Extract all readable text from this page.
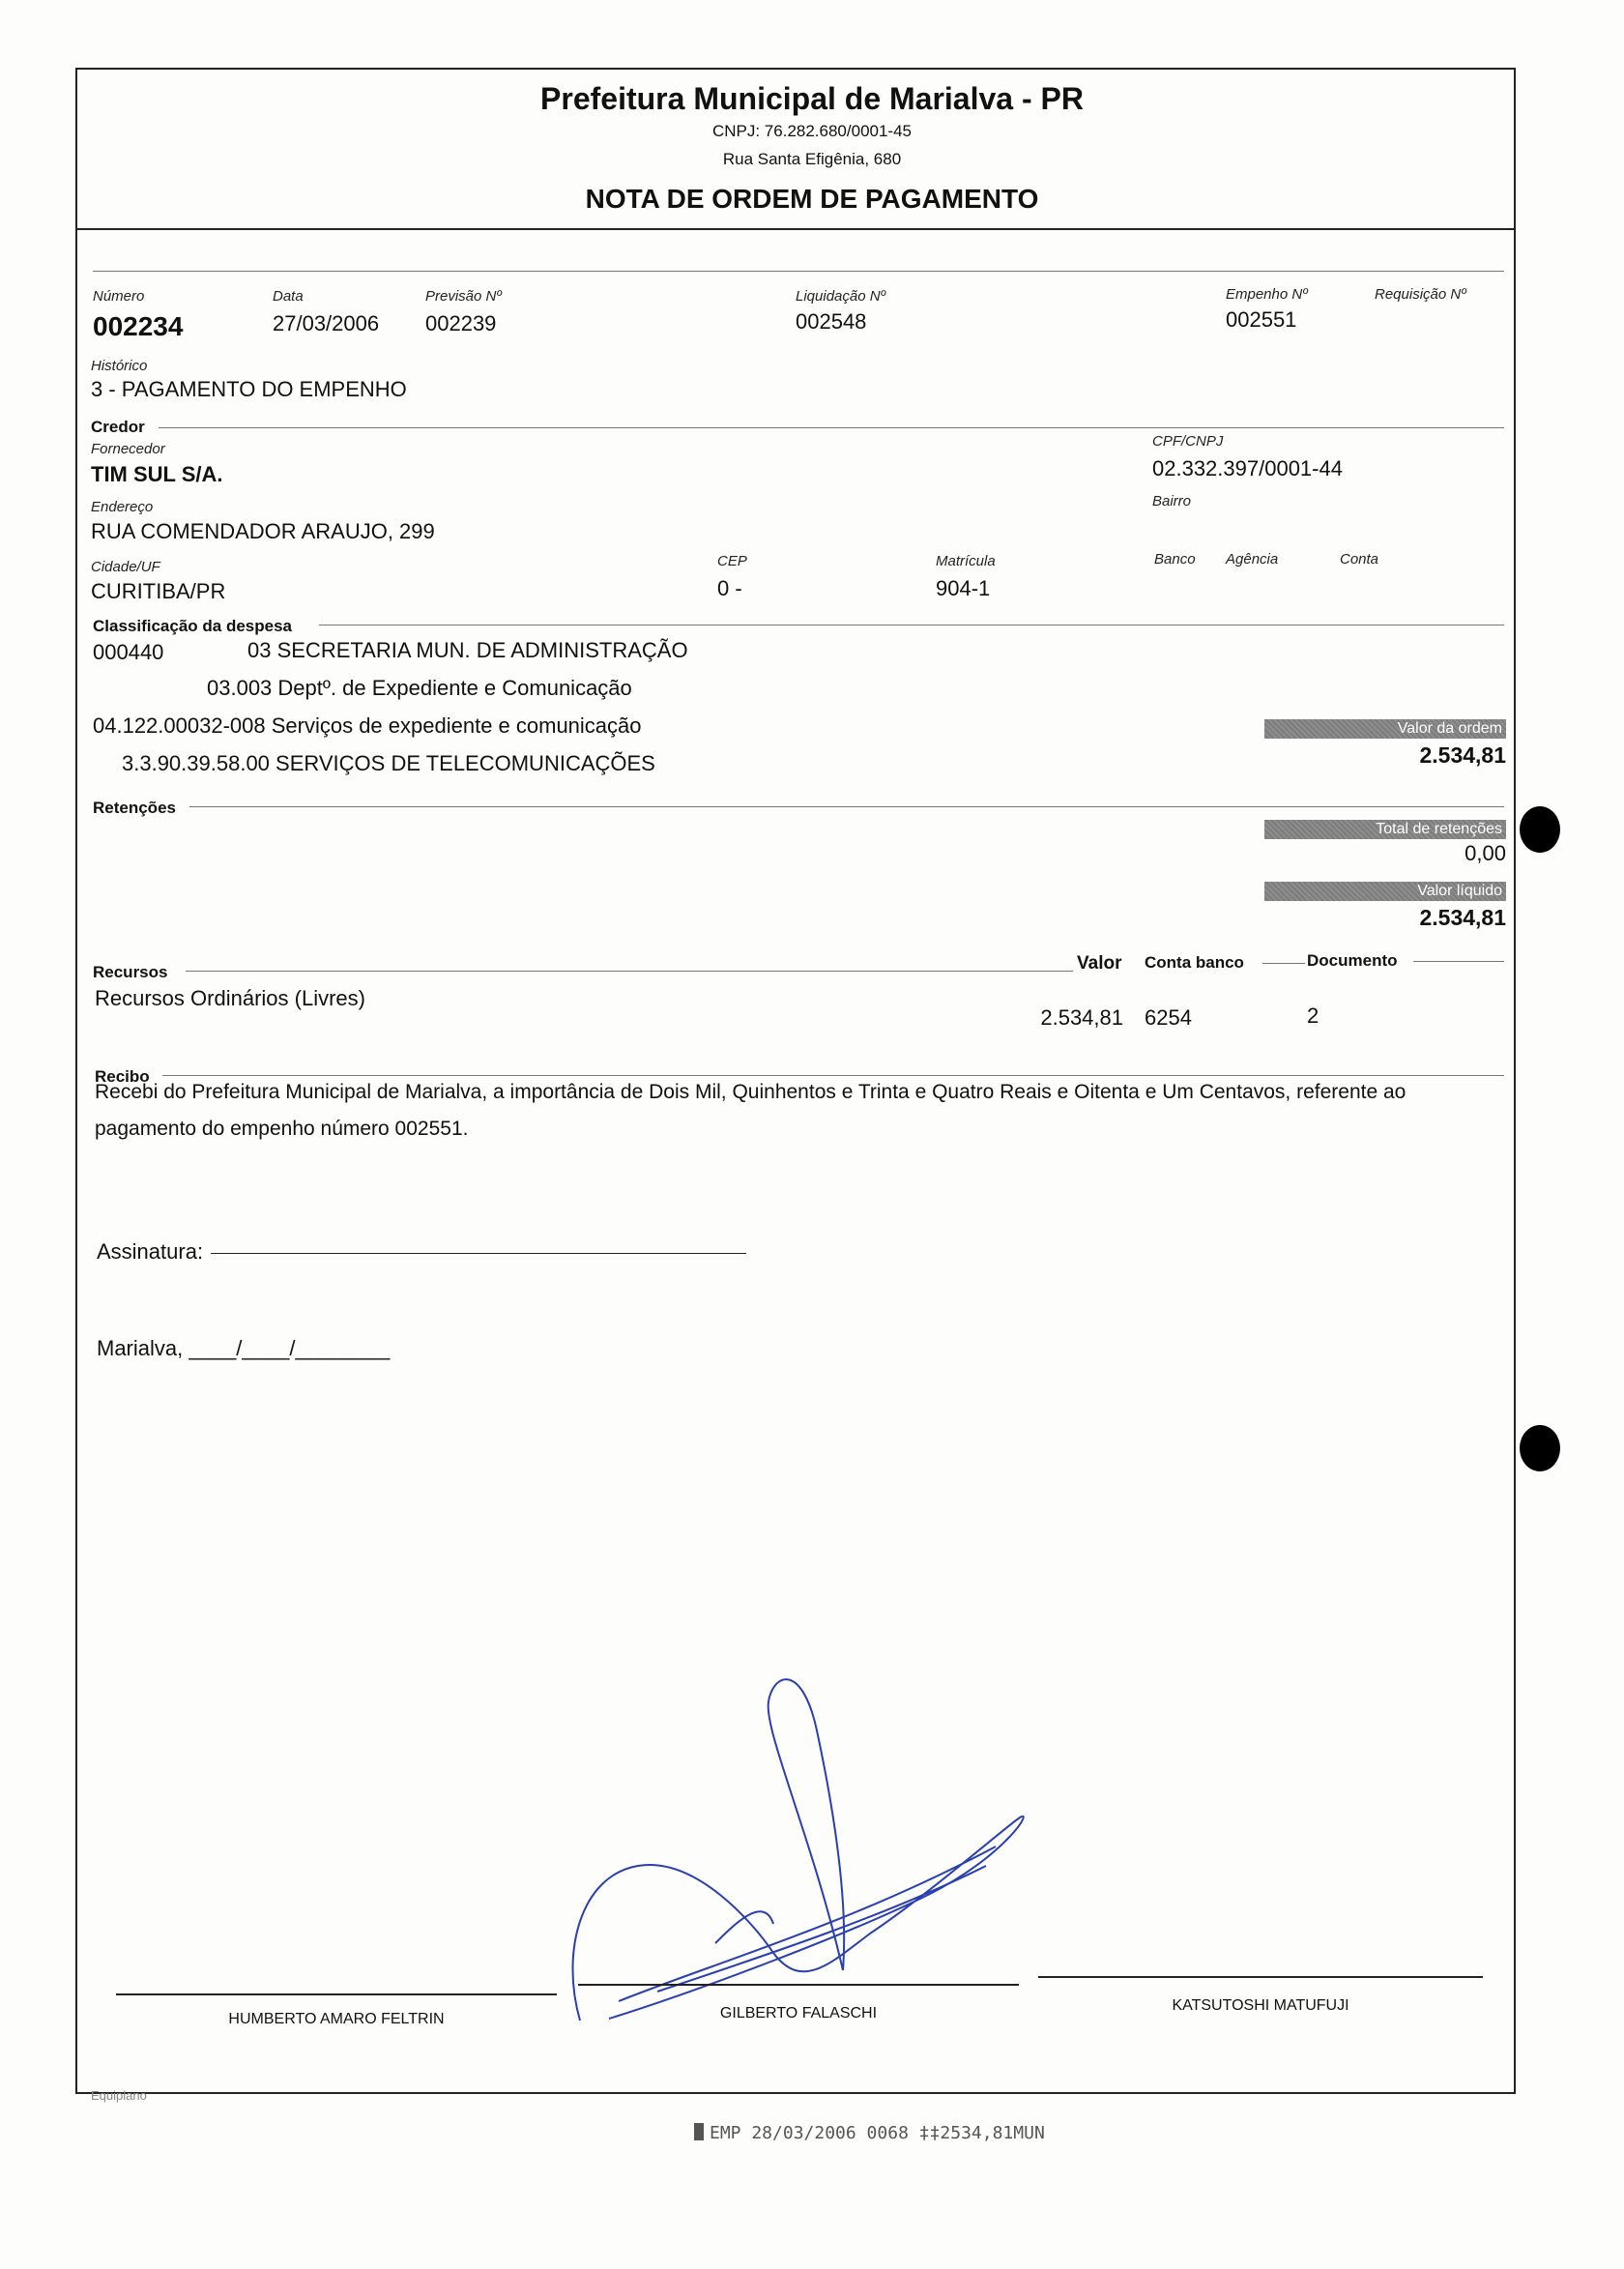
Prefeitura Municipal de Marialva - PR
CNPJ: 76.282.680/0001-45
Rua Santa Efigênia, 680
NOTA DE ORDEM DE PAGAMENTO
Número
002234
Data
27/03/2006
Previsão Nº
002239
Liquidação Nº
002548
Empenho Nº
002551
Requisição Nº
Histórico
3 - PAGAMENTO DO EMPENHO
Credor
Fornecedor
TIM SUL S/A.
CPF/CNPJ
02.332.397/0001-44
Endereço
RUA COMENDADOR ARAUJO, 299
Bairro
Cidade/UF
CURITIBA/PR
CEP
0 -
Matrícula
904-1
Banco Agência	Conta
Classificação da despesa
000440	03 SECRETARIA MUN. DE ADMINISTRAÇÃO
03.003 Deptº. de Expediente e Comunicação
04.122.00032-008 Serviços de expediente e comunicação
3.3.90.39.58.00 SERVIÇOS DE TELECOMUNICAÇÕES
Valor da ordem
2.534,81
Retenções
Total de retenções
0,00
Valor líquido
2.534,81
Recursos	Valor Conta banco	Documento
Recursos Ordinários (Livres)
2.534,81 6254	2
Recibo
Recebi do Prefeitura Municipal de Marialva, a importância de Dois Mil, Quinhentos e Trinta e Quatro Reais e Oitenta e Um Centavos, referente ao
pagamento do empenho número 002551.
Assinatura:
Marialva, ____/____/________
HUMBERTO AMARO FELTRIN	GILBERTO FALASCHI	KATSUTOSHI MATUFUJI
Equiplano
EMP 28/03/2006 0068 ‡‡2534,81MUN
